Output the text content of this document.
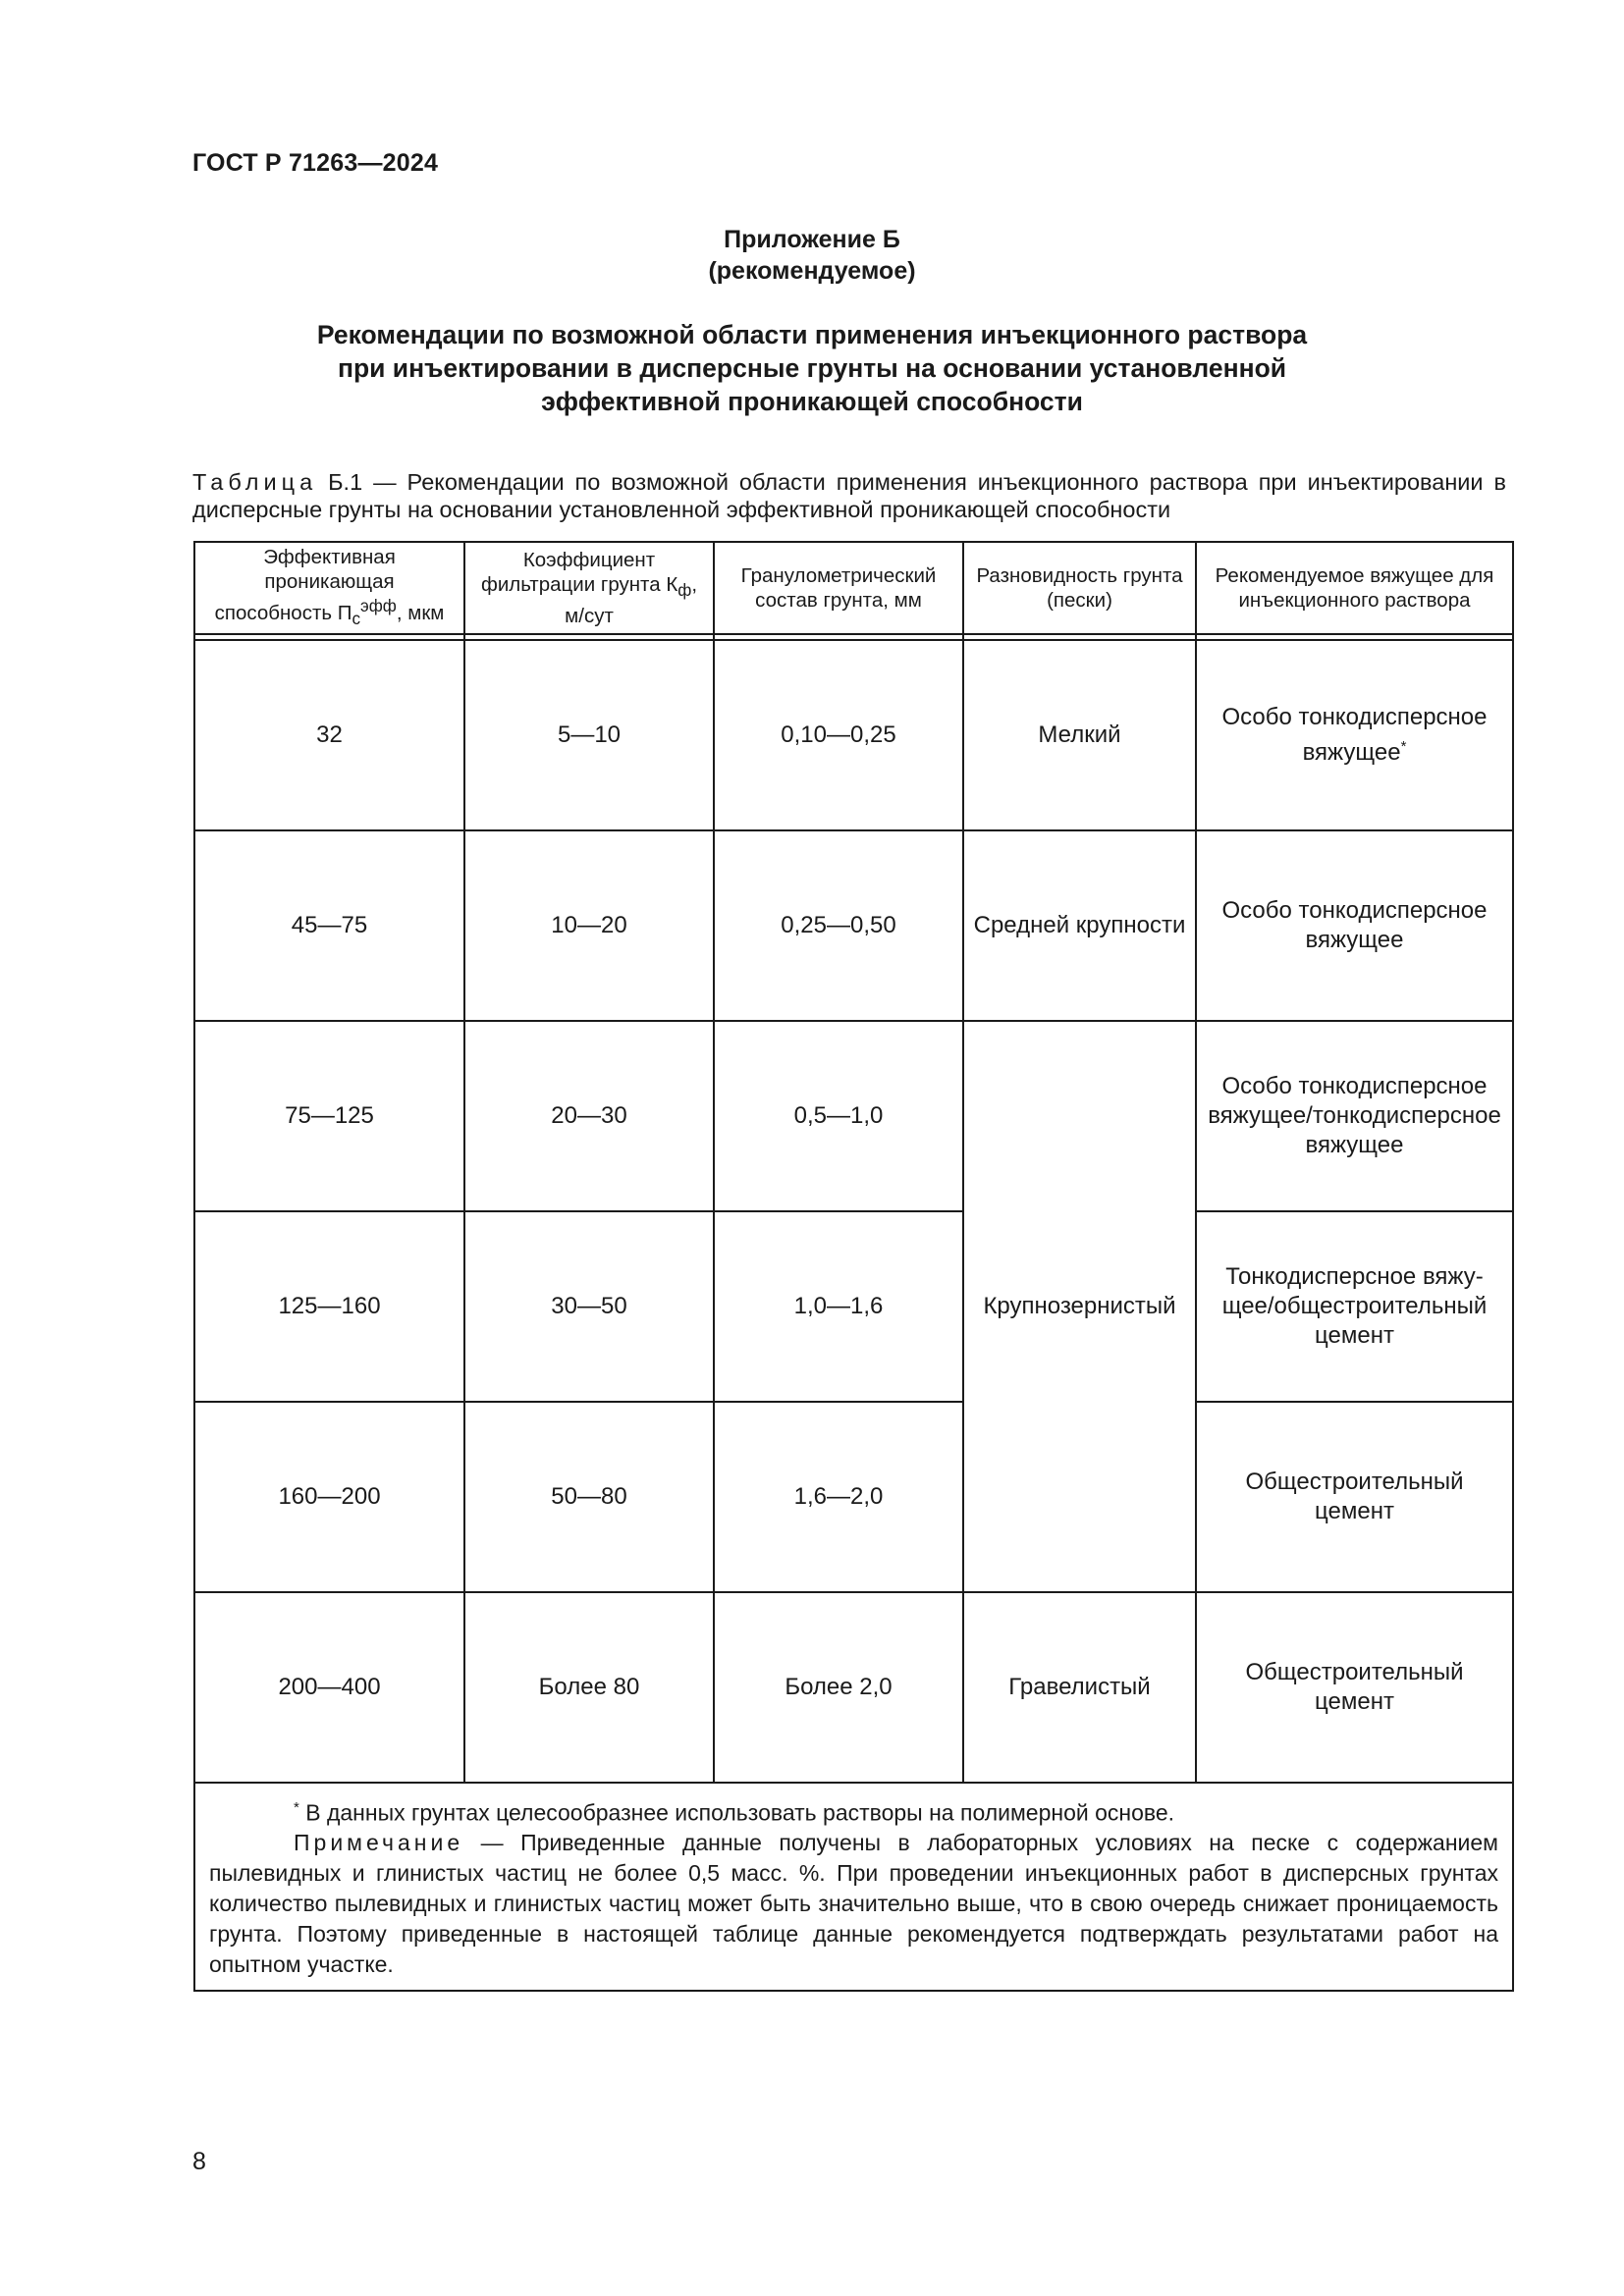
ГОСТ Р 71263—2024
Приложение Б
(рекомендуемое)
Рекомендации по возможной области применения инъекционного раствора
при инъектировании в дисперсные грунты на основании установленной
эффективной проникающей способности
Таблица Б.1 — Рекомендации по возможной области применения инъекционного раствора при инъектировании в дисперсные грунты на основании установленной эффективной проникающей способности
Эффективная проникающая способность $П_с^{эфф}$, мкм	Коэффициент фильтрации грунта $К_ф$, м/сут	Гранулометрический состав грунта, мм	Разновидность грунта (пески)	Рекомендуемое вяжущее для инъекционного раствора

32	5—10	0,10—0,25	Мелкий	Особо тонкодисперсное вяжущее*
45—75	10—20	0,25—0,50	Средней крупности	Особо тонкодисперсное вяжущее
75—125	20—30	0,5—1,0	Крупнозернистый	Особо тонкодисперсное вяжущее/тонкодисперсное вяжущее
125—160	30—50	1,0—1,6		Тонкодисперсное вяжущее/общестроительный цемент
160—200	50—80	1,6—2,0		Общестроительный цемент
200—400	Более 80	Более 2,0	Гравелистый	Общестроительный цемент

* В данных грунтах целесообразнее использовать растворы на полимерной основе.

Примечание — Приведенные данные получены в лабораторных условиях на песке с содержанием пылевидных и глинистых частиц не более 0,5 масс. %. При проведении инъекционных работ в дисперсных грунтах количество пылевидных и глинистых частиц может быть значительно выше, что в свою очередь снижает проницаемость грунта. Поэтому приведенные в настоящей таблице данные рекомендуется подтверждать результатами работ на опытном участке.				

8
